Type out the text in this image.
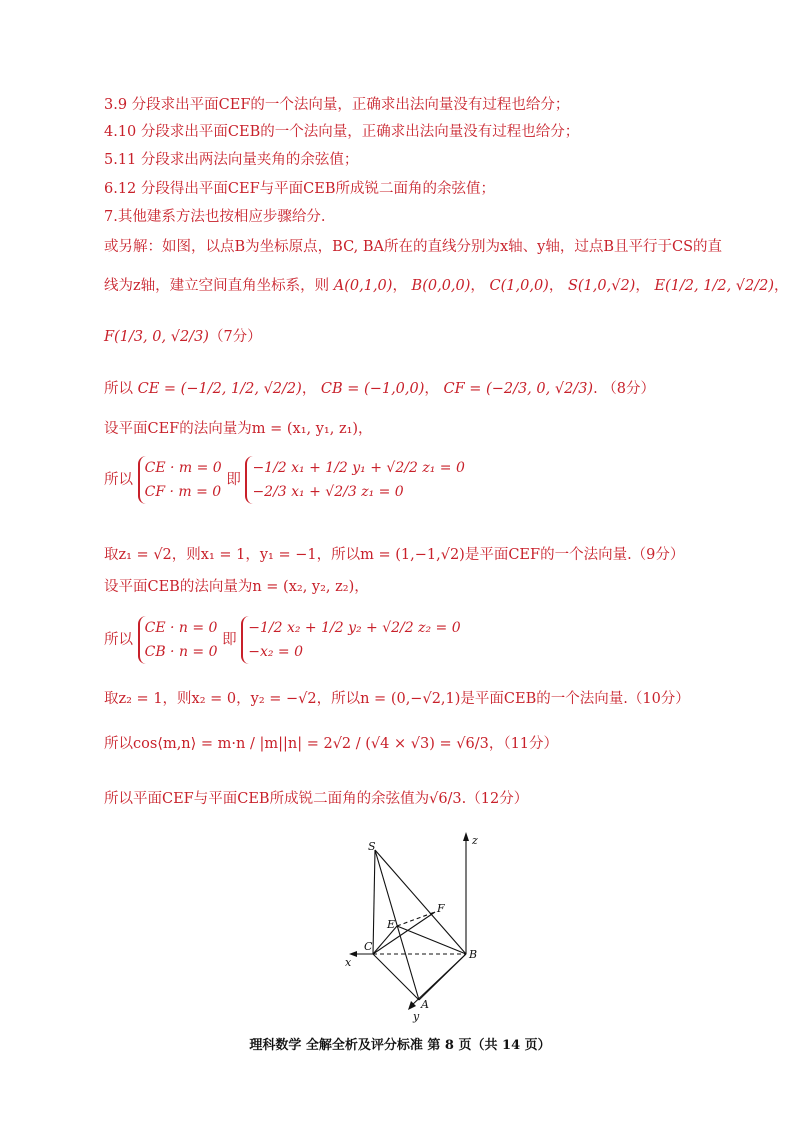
3.9 分段求出平面CEF的一个法向量，正确求出法向量没有过程也给分；
4.10 分段求出平面CEB的一个法向量，正确求出法向量没有过程也给分；
5.11 分段求出两法向量夹角的余弦值；
6.12 分段得出平面CEF与平面CEB所成锐二面角的余弦值；
7.其他建系方法也按相应步骤给分.
或另解：如图，以点B为坐标原点，BC, BA所在的直线分别为x轴、y轴，过点B且平行于CS的直
线为z轴，建立空间直角坐标系，则 A(0,1,0)， B(0,0,0)， C(1,0,0)， S(1,0,√2)， E(1/2, 1/2, √2/2)，
F(1/3, 0, √2/3)（7分）
所以 CE = (−1/2, 1/2, √2/2)， CB = (−1,0,0)， CF = (−2/3, 0, √2/3). （8分）
设平面CEF的法向量为m = (x₁, y₁, z₁)，
所以
CE · m = 0
CF · m = 0
即
−1/2 x₁ + 1/2 y₁ + √2/2 z₁ = 0
−2/3 x₁ + √2/3 z₁ = 0
取z₁ = √2，则x₁ = 1，y₁ = −1，所以m = (1,−1,√2)是平面CEF的一个法向量.（9分）
设平面CEB的法向量为n = (x₂, y₂, z₂)，
所以
CE · n = 0
CB · n = 0
即
−1/2 x₂ + 1/2 y₂ + √2/2 z₂ = 0
−x₂ = 0
取z₂ = 1，则x₂ = 0，y₂ = −√2，所以n = (0,−√2,1)是平面CEB的一个法向量.（10分）
所以cos⟨m,n⟩ = m·n / |m||n| = 2√2 / (√4 × √3) = √6/3，（11分）
所以平面CEF与平面CEB所成锐二面角的余弦值为√6/3.（12分）
S
F
E
C
B
A
x
y
z
理科数学 全解全析及评分标准 第 8 页（共 14 页）
